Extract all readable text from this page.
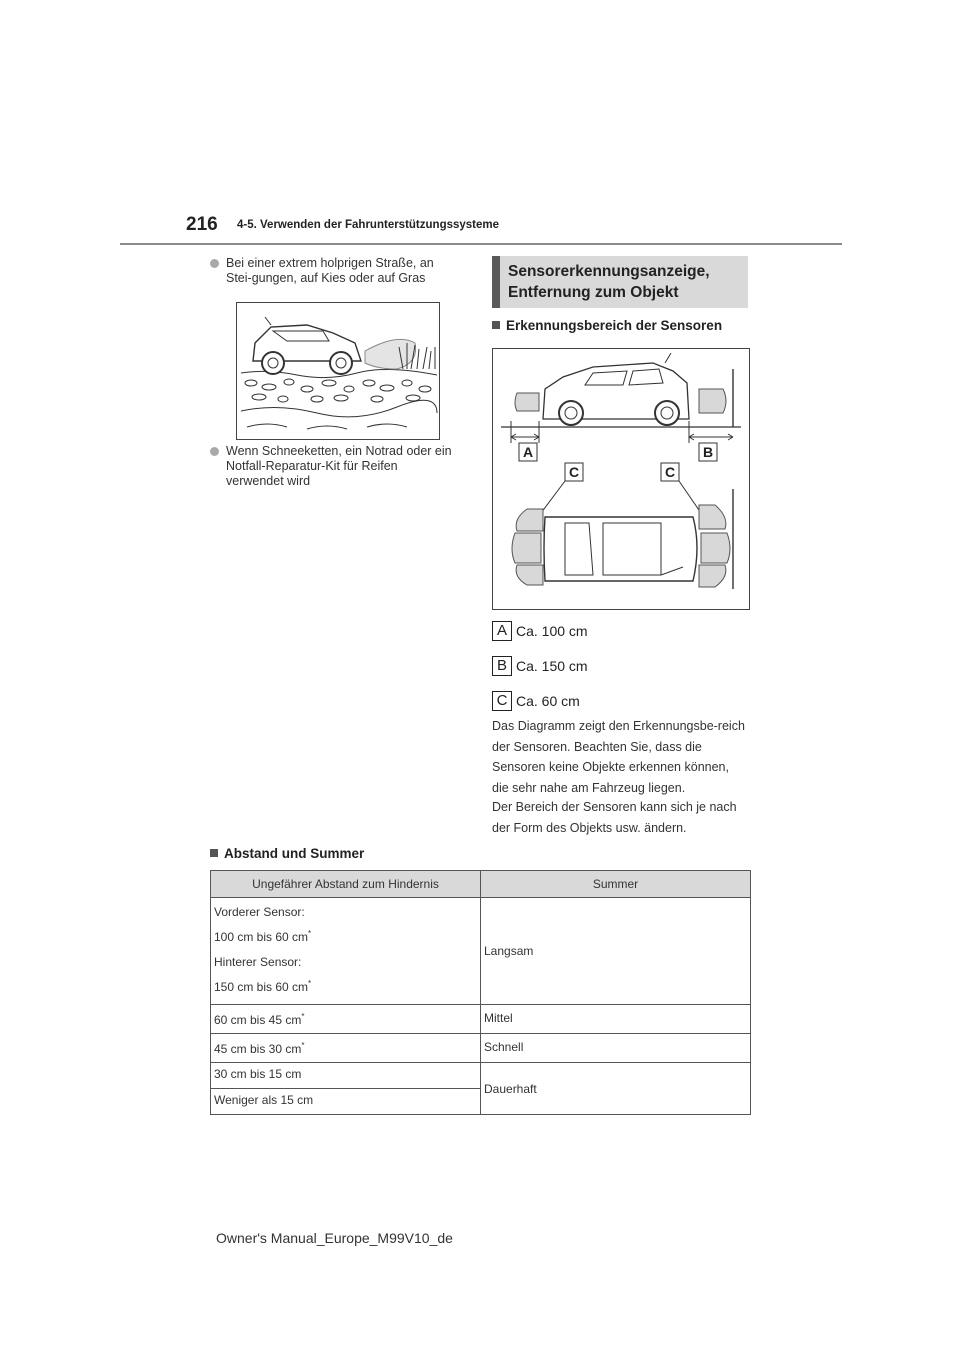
216 4-5. Verwenden der Fahrunterstützungssysteme
Bei einer extrem holprigen Straße, an Stei-gungen, auf Kies oder auf Gras
Wenn Schneeketten, ein Notrad oder ein Notfall-Reparatur-Kit für Reifen verwendet wird
Sensorerkennungsanzeige, Entfernung zum Objekt
Erkennungsbereich der Sensoren
A	B
C	C
A Ca. 100 cm
B Ca. 150 cm
C Ca. 60 cm
Das Diagramm zeigt den Erkennungsbe-reich der Sensoren. Beachten Sie, dass die Sensoren keine Objekte erkennen können, die sehr nahe am Fahrzeug liegen.
Der Bereich der Sensoren kann sich je nach der Form des Objekts usw. ändern.
Abstand und Summer
Ungefährer Abstand zum Hindernis	Summer

Vorderer Sensor:
100 cm bis 60 cm*
Hinterer Sensor:
150 cm bis 60 cm*	Langsam
60 cm bis 45 cm*	Mittel
45 cm bis 30 cm*	Schnell
30 cm bis 15 cm	Dauerhaft
Weniger als 15 cm	
Owner's Manual_Europe_M99V10_de
